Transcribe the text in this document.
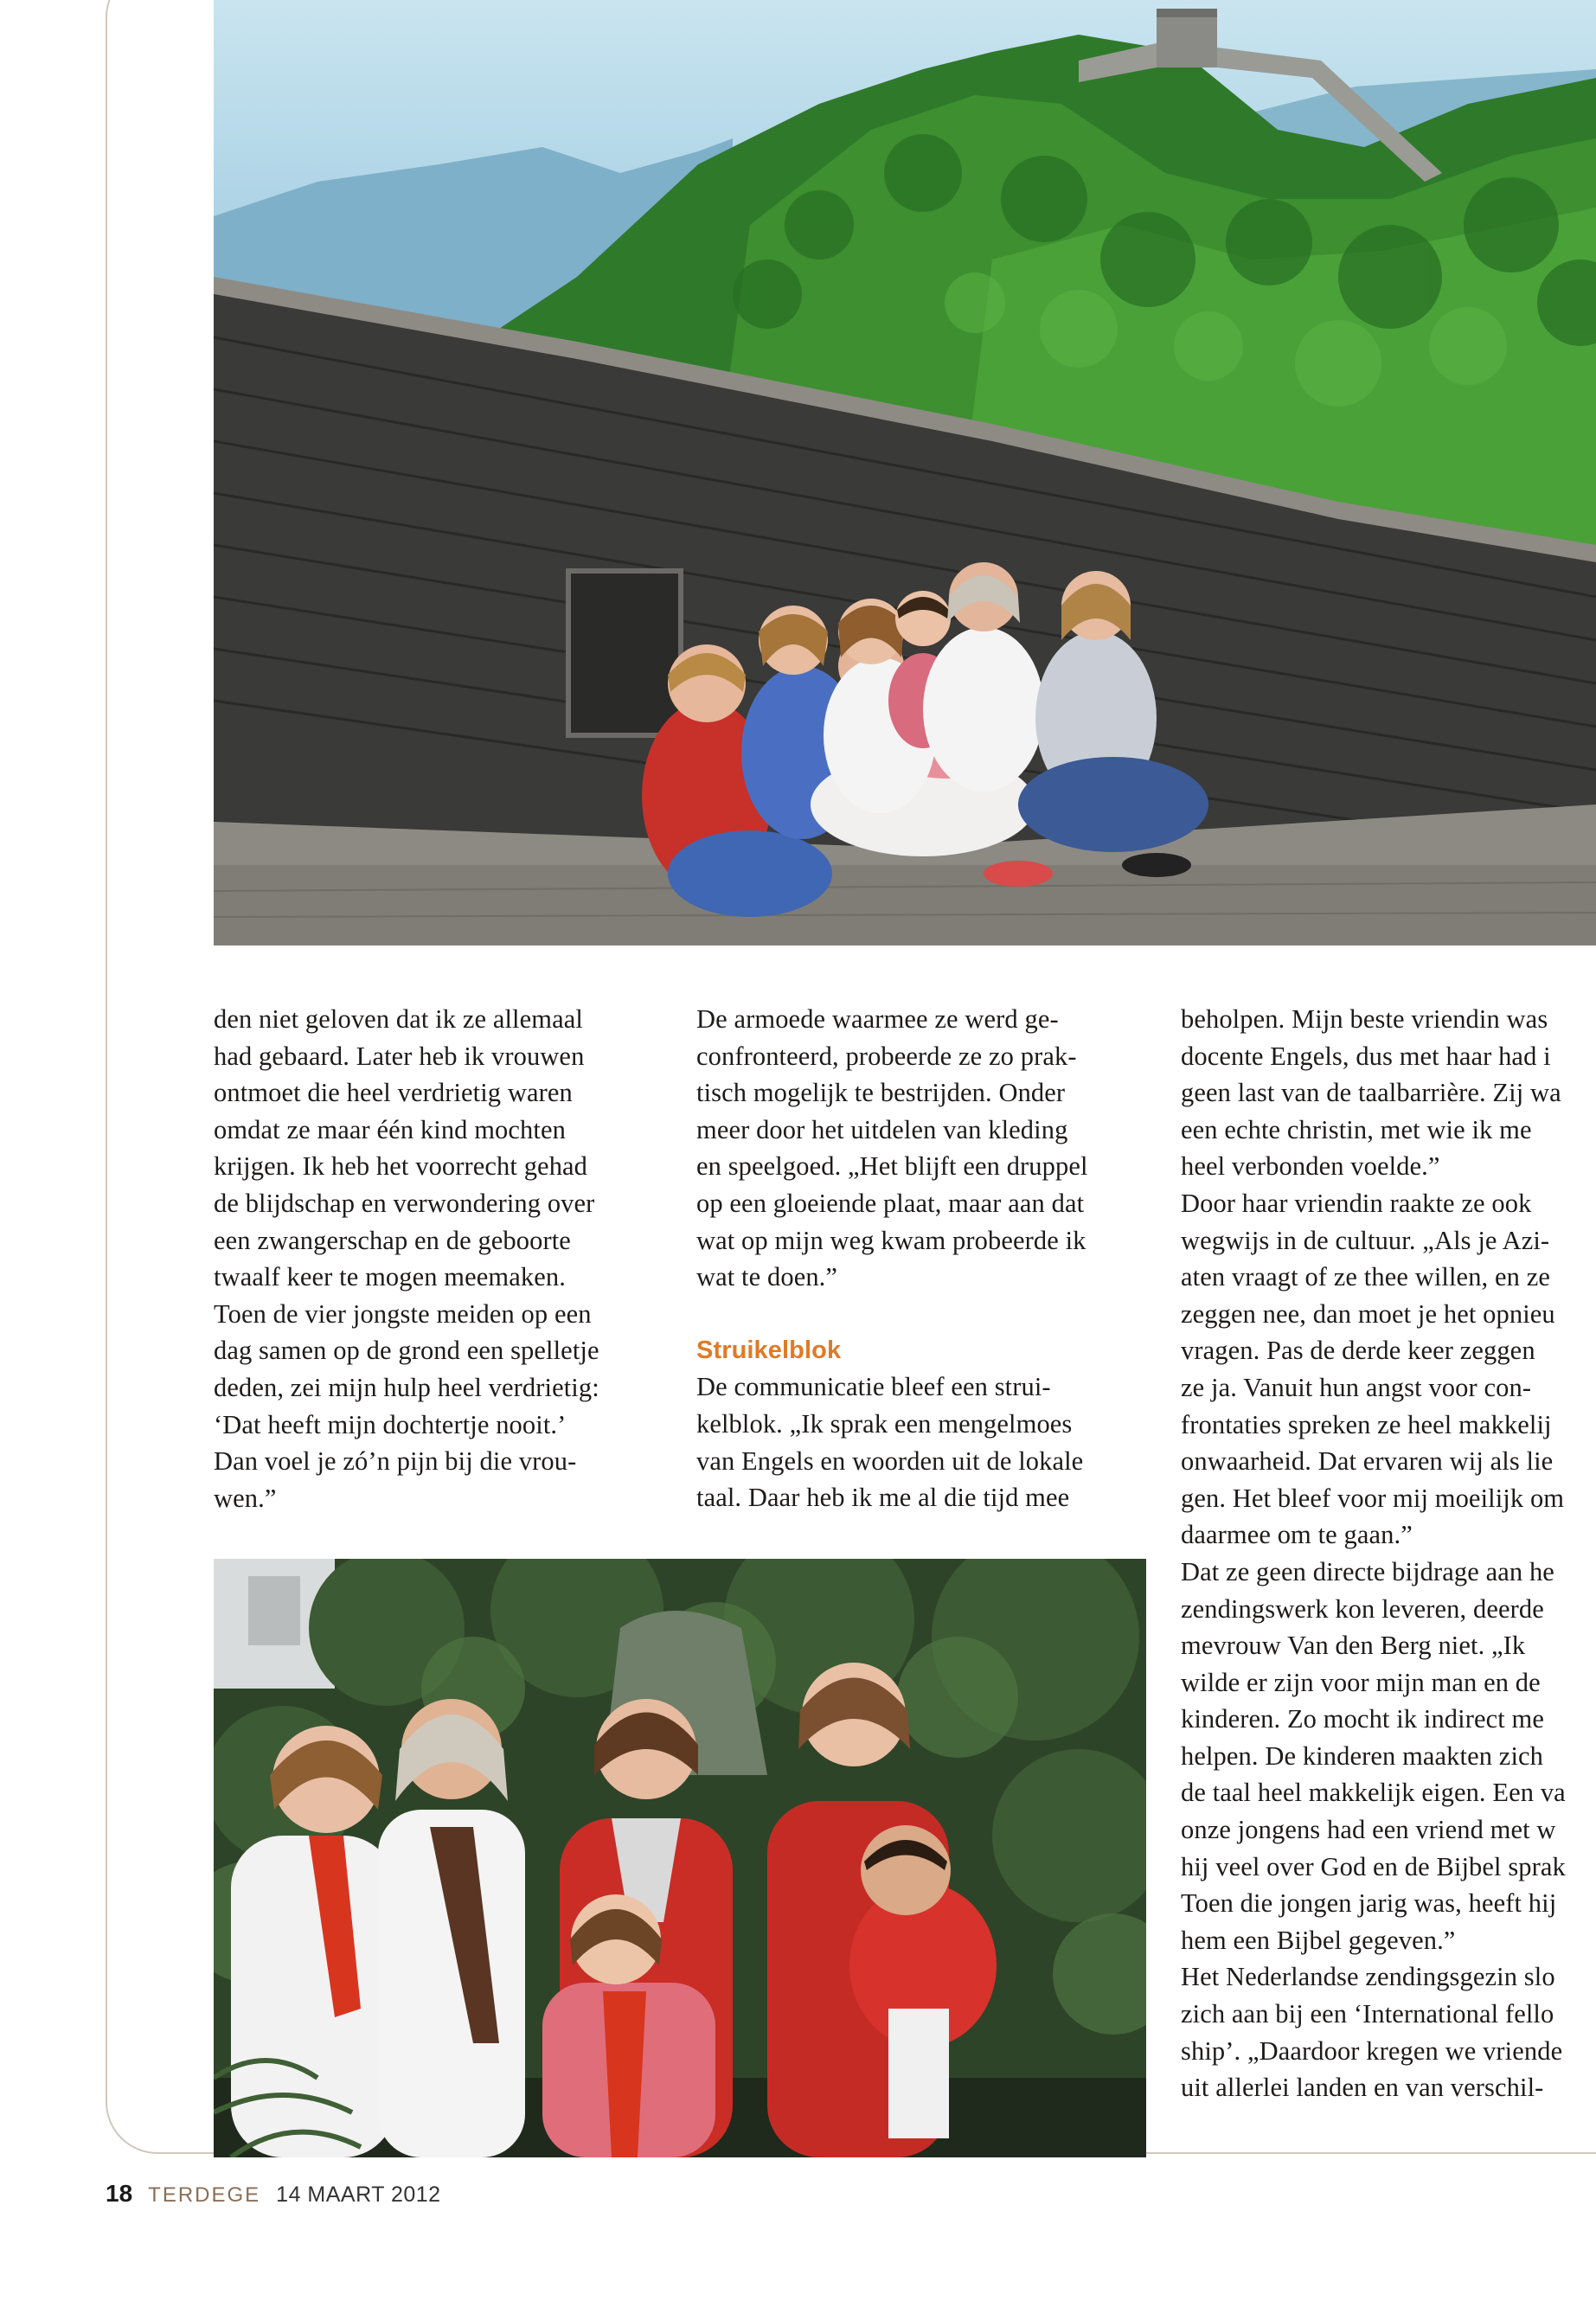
den niet geloven dat ik ze allemaal
had gebaard. Later heb ik vrouwen
ontmoet die heel verdrietig waren
omdat ze maar één kind mochten
krijgen. Ik heb het voorrecht gehad
de blijdschap en verwondering over
een zwangerschap en de geboorte
twaalf keer te mogen meemaken.
Toen de vier jongste meiden op een
dag samen op de grond een spelletje
deden, zei mijn hulp heel verdrietig:
‘Dat heeft mijn dochtertje nooit.’
Dan voel je zó’n pijn bij die vrou-
wen.”

De armoede waarmee ze werd ge-
confronteerd, probeerde ze zo prak-
tisch mogelijk te bestrijden. Onder
meer door het uitdelen van kleding
en speelgoed. „Het blijft een druppel
op een gloeiende plaat, maar aan dat
wat op mijn weg kwam probeerde ik
wat te doen.”

Struikelblok

De communicatie bleef een strui-
kelblok. „Ik sprak een mengelmoes
van Engels en woorden uit de lokale
taal. Daar heb ik me al die tijd mee

beholpen. Mijn beste vriendin was
docente Engels, dus met haar had i
geen last van de taalbarrière. Zij wa
een echte christin, met wie ik me
heel verbonden voelde.”

Door haar vriendin raakte ze ook
wegwijs in de cultuur. „Als je Azi-
aten vraagt of ze thee willen, en ze
zeggen nee, dan moet je het opnieu
vragen. Pas de derde keer zeggen
ze ja. Vanuit hun angst voor con-
frontaties spreken ze heel makkelij
onwaarheid. Dat ervaren wij als lie
gen. Het bleef voor mij moeilijk om
daarmee om te gaan.”

Dat ze geen directe bijdrage aan he
zendingswerk kon leveren, deerde
mevrouw Van den Berg niet. „Ik
wilde er zijn voor mijn man en de
kinderen. Zo mocht ik indirect me
helpen. De kinderen maakten zich
de taal heel makkelijk eigen. Een va
onze jongens had een vriend met w
hij veel over God en de Bijbel sprak
Toen die jongen jarig was, heeft hij
hem een Bijbel gegeven.”

Het Nederlandse zendingsgezin slo
zich aan bij een ‘International fello
ship’. „Daardoor kregen we vriende
uit allerlei landen en van verschil-

18 TERDEGE 14 MAART 2012
